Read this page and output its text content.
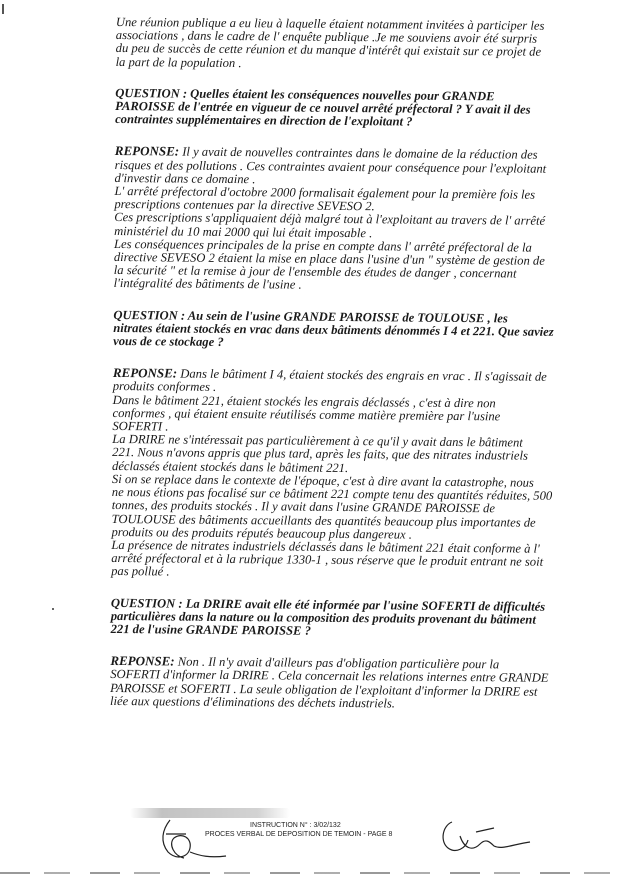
Une réunion publique a eu lieu à laquelle étaient notamment invitées à participer les
associations , dans le cadre de l' enquête publique .Je me souviens avoir été surpris
du peu de succès de cette réunion et du manque d'intérêt qui existait sur ce projet de
la part de la population .

QUESTION : Quelles étaient les conséquences nouvelles pour GRANDE
PAROISSE de l'entrée en vigueur de ce nouvel arrêté préfectoral ? Y avait il des
contraintes supplémentaires en direction de l'exploitant ?

REPONSE: Il y avait de nouvelles contraintes dans le domaine de la réduction des
risques et des pollutions . Ces contraintes avaient pour conséquence pour l'exploitant
d'investir dans ce domaine .
L' arrêté préfectoral d'octobre 2000 formalisait également pour la première fois les
prescriptions contenues par la directive SEVESO 2.
Ces prescriptions s'appliquaient déjà malgré tout à l'exploitant au travers de l' arrêté
ministériel du 10 mai 2000 qui lui était imposable .
Les conséquences principales de la prise en compte dans l' arrêté préfectoral de la
directive SEVESO 2 étaient la mise en place dans l'usine d'un " système de gestion de
la sécurité " et la remise à jour de l'ensemble des études de danger , concernant
l'intégralité des bâtiments de l'usine .

QUESTION : Au sein de l'usine GRANDE PAROISSE de TOULOUSE , les
nitrates étaient stockés en vrac dans deux bâtiments dénommés I 4 et 221. Que saviez
vous de ce stockage ?

REPONSE: Dans le bâtiment I 4, étaient stockés des engrais en vrac . Il s'agissait de
produits conformes .
Dans le bâtiment 221, étaient stockés les engrais déclassés , c'est à dire non
conformes , qui étaient ensuite réutilisés comme matière première par l'usine
SOFERTI .
La DRIRE ne s'intéressait pas particulièrement à ce qu'il y avait dans le bâtiment
221. Nous n'avons appris que plus tard, après les faits, que des nitrates industriels
déclassés étaient stockés dans le bâtiment 221.
Si on se replace dans le contexte de l'époque, c'est à dire avant la catastrophe, nous
ne nous étions pas focalisé sur ce bâtiment 221 compte tenu des quantités réduites, 500
tonnes, des produits stockés . Il y avait dans l'usine GRANDE PAROISSE de
TOULOUSE des bâtiments accueillants des quantités beaucoup plus importantes de
produits ou des produits réputés beaucoup plus dangereux .
La présence de nitrates industriels déclassés dans le bâtiment 221 était conforme à l'
arrêté préfectoral et à la rubrique 1330-1 , sous réserve que le produit entrant ne soit
pas pollué .

QUESTION : La DRIRE avait elle été informée par l'usine SOFERTI de difficultés
particulières dans la nature ou la composition des produits provenant du bâtiment
221 de l'usine GRANDE PAROISSE ?

REPONSE: Non . Il n'y avait d'ailleurs pas d'obligation particulière pour la
SOFERTI d'informer la DRIRE . Cela concernait les relations internes entre GRANDE
PAROISSE et SOFERTI . La seule obligation de l'exploitant d'informer la DRIRE est
liée aux questions d'éliminations des déchets industriels.

INSTRUCTION N° : 3/02/132
PROCES VERBAL DE DEPOSITION DE TEMOIN - PAGE 8
